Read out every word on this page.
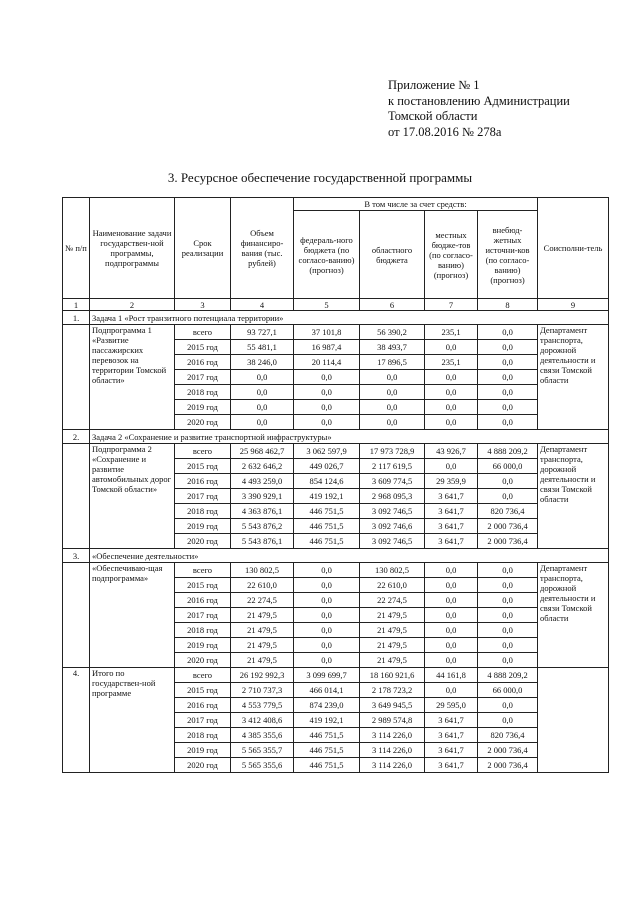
Приложение № 1
к постановлению Администрации
Томской области
от 17.08.2016 № 278а
3. Ресурсное обеспечение государственной программы
№ п/п	Наименование задачи государствен-ной программы, подпрограммы	Срок реализации	Объем финансиро-вания (тыс. рублей)	В том числе за счет средств:				Соисполни-тель
				федераль-ного бюджета (по согласо-ванию) (прогноз)	областного бюджета	местных бюдже-тов (по согласо-ванию) (прогноз)	внебюд-жетных источни-ков (по согласо-ванию) (прогноз)	
1	2	3	4	5	6	7	8	9
1.	Задача 1 «Рост транзитного потенциала территории»							
	Подпрограмма 1 «Развитие пассажирских перевозок на территории Томской области»	всего	93 727,1	37 101,8	56 390,2	235,1	0,0	Департамент транспорта, дорожной деятельности и связи Томской области
		2015 год	55 481,1	16 987,4	38 493,7	0,0	0,0	
		2016 год	38 246,0	20 114,4	17 896,5	235,1	0,0	
		2017 год	0,0	0,0	0,0	0,0	0,0	
		2018 год	0,0	0,0	0,0	0,0	0,0	
		2019 год	0,0	0,0	0,0	0,0	0,0	
		2020 год	0,0	0,0	0,0	0,0	0,0	
2.	Задача 2 «Сохранение и развитие транспортной инфраструктуры»							
	Подпрограмма 2 «Сохранение и развитие автомобильных дорог Томской области»	всего	25 968 462,7	3 062 597,9	17 973 728,9	43 926,7	4 888 209,2	Департамент транспорта, дорожной деятельности и связи Томской области
		2015 год	2 632 646,2	449 026,7	2 117 619,5	0,0	66 000,0	
		2016 год	4 493 259,0	854 124,6	3 609 774,5	29 359,9	0,0	
		2017 год	3 390 929,1	419 192,1	2 968 095,3	3 641,7	0,0	
		2018 год	4 363 876,1	446 751,5	3 092 746,5	3 641,7	820 736,4	
		2019 год	5 543 876,2	446 751,5	3 092 746,6	3 641,7	2 000 736,4	
		2020 год	5 543 876,1	446 751,5	3 092 746,5	3 641,7	2 000 736,4	
3.	«Обеспечение деятельности»							
	«Обеспечиваю-щая подпрограмма»	всего	130 802,5	0,0	130 802,5	0,0	0,0	Департамент транспорта, дорожной деятельности и связи Томской области
		2015 год	22 610,0	0,0	22 610,0	0,0	0,0	
		2016 год	22 274,5	0,0	22 274,5	0,0	0,0	
		2017 год	21 479,5	0,0	21 479,5	0,0	0,0	
		2018 год	21 479,5	0,0	21 479,5	0,0	0,0	
		2019 год	21 479,5	0,0	21 479,5	0,0	0,0	
		2020 год	21 479,5	0,0	21 479,5	0,0	0,0	
4.	Итого по государствен-ной программе	всего	26 192 992,3	3 099 699,7	18 160 921,6	44 161,8	4 888 209,2	
		2015 год	2 710 737,3	466 014,1	2 178 723,2	0,0	66 000,0	
		2016 год	4 553 779,5	874 239,0	3 649 945,5	29 595,0	0,0	
		2017 год	3 412 408,6	419 192,1	2 989 574,8	3 641,7	0,0	
		2018 год	4 385 355,6	446 751,5	3 114 226,0	3 641,7	820 736,4	
		2019 год	5 565 355,7	446 751,5	3 114 226,0	3 641,7	2 000 736,4	
		2020 год	5 565 355,6	446 751,5	3 114 226,0	3 641,7	2 000 736,4	
